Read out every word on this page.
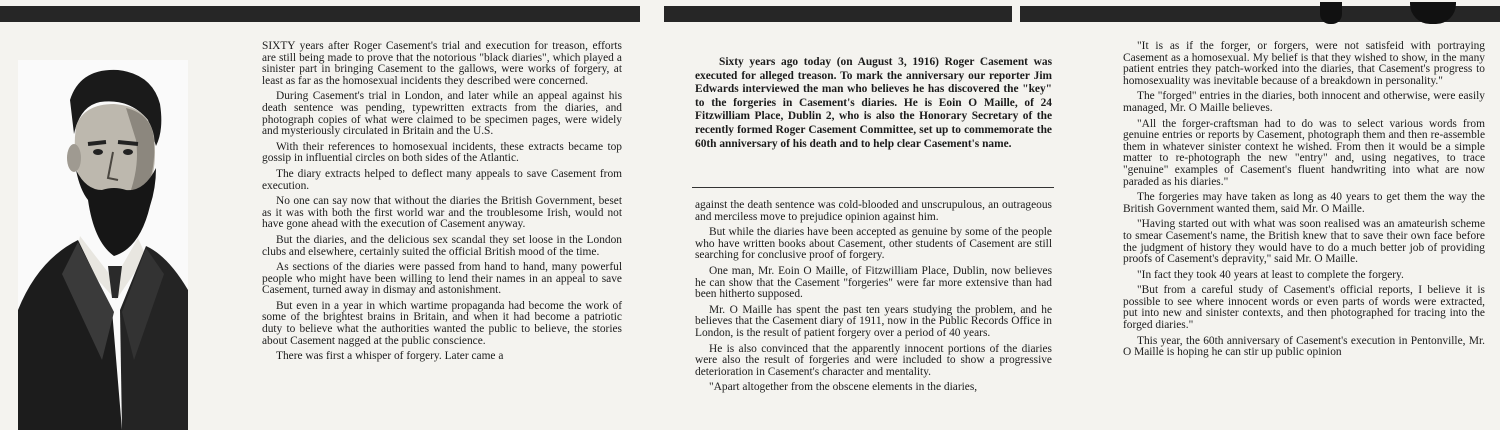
SIXTY years after Roger Casement's trial and execution for treason, efforts are still being made to prove that the notorious "black diaries", which played a sinister part in bringing Casement to the gallows, were works of forgery, at least as far as the homosexual incidents they described were concerned.

During Casement's trial in London, and later while an appeal against his death sentence was pending, typewritten extracts from the diaries, and photograph copies of what were claimed to be specimen pages, were widely and mysteriously circulated in Britain and the U.S.

With their references to homosexual incidents, these extracts became top gossip in influential circles on both sides of the Atlantic.

The diary extracts helped to deflect many appeals to save Casement from execution.

No one can say now that without the diaries the British Government, beset as it was with both the first world war and the troublesome Irish, would not have gone ahead with the execution of Casement anyway.

But the diaries, and the delicious sex scandal they set loose in the London clubs and elsewhere, certainly suited the official British mood of the time.

As sections of the diaries were passed from hand to hand, many powerful people who might have been willing to lend their names in an appeal to save Casement, turned away in dismay and astonishment.

But even in a year in which wartime propaganda had become the work of some of the brightest brains in Britain, and when it had become a patriotic duty to believe what the authorities wanted the public to believe, the stories about Casement nagged at the public conscience.

There was first a whisper of forgery. Later came a

Sixty years ago today (on August 3, 1916) Roger Casement was executed for alleged treason. To mark the anniversary our reporter Jim Edwards interviewed the man who believes he has discovered the "key" to the forgeries in Casement's diaries. He is Eoin O Maille, of 24 Fitzwilliam Place, Dublin 2, who is also the Honorary Secretary of the recently formed Roger Casement Committee, set up to commemorate the 60th anniversary of his death and to help clear Casement's name.

against the death sentence was cold-blooded and unscrupulous, an outrageous and merciless move to prejudice opinion against him.

But while the diaries have been accepted as genuine by some of the people who have written books about Casement, other students of Casement are still searching for conclusive proof of forgery.

One man, Mr. Eoin O Maille, of Fitzwilliam Place, Dublin, now believes he can show that the Casement "forgeries" were far more extensive than had been hitherto supposed.

Mr. O Maille has spent the past ten years studying the problem, and he believes that the Casement diary of 1911, now in the Public Records Office in London, is the result of patient forgery over a period of 40 years.

He is also convinced that the apparently innocent portions of the diaries were also the result of forgeries and were included to show a progressive deterioration in Casement's character and mentality.

"Apart altogether from the obscene elements in the diaries,

"It is as if the forger, or forgers, were not satisfeid with portraying Casement as a homosexual. My belief is that they wished to show, in the many patient entries they patch-worked into the diaries, that Casement's progress to homosexuality was inevitable because of a breakdown in personality."

The "forged" entries in the diaries, both innocent and otherwise, were easily managed, Mr. O Maille believes.

"All the forger-craftsman had to do was to select various words from genuine entries or reports by Casement, photograph them and then re-assemble them in whatever sinister context he wished. From then it would be a simple matter to re-photograph the new "entry" and, using negatives, to trace "genuine" examples of Casement's fluent handwriting into what are now paraded as his diaries."

The forgeries may have taken as long as 40 years to get them the way the British Government wanted them, said Mr. O Maille.

"Having started out with what was soon realised was an amateurish scheme to smear Casement's name, the British knew that to save their own face before the judgment of history they would have to do a much better job of providing proofs of Casement's depravity," said Mr. O Maille.

"In fact they took 40 years at least to complete the forgery.

"But from a careful study of Casement's official reports, I believe it is possible to see where innocent words or even parts of words were extracted, put into new and sinister contexts, and then photographed for tracing into the forged diaries."

This year, the 60th anniversary of Casement's execution in Pentonville, Mr. O Maille is hoping he can stir up public opinion
